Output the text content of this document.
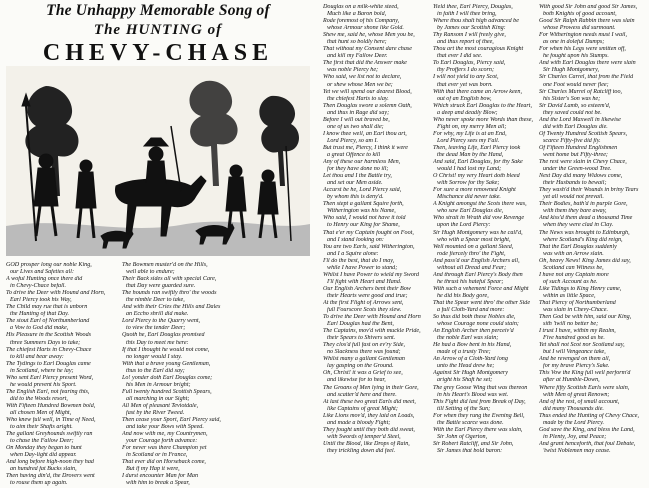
The Unhappy Memorable Song of
The HUNTING of
CHEVY-CHASE
GOD prosper long our noble King,
our Lives and Safeties all:
A woful Hunting once there did
in Chevy-Chace befall.
To drive the Deer with Hound and Horn,
Earl Piercy took his Way,
The Child may rue that is unborn
the Hunting of that Day.
The stout Earl of Northumberland
a Vow to God did make,
His Pleasure in the Scottish Woods
three Summers Days to take;
The chiefest Harts in Chevy-Chace
to kill and bear away:
The Tydings to Earl Douglas came
in Scotland, where he lay;
Who sent Earl Piercy present Word,
he would prevent his Sport.
The English Earl, not fearing this,
did to the Woods resort,
With Fifteen Hundred Bowmen bold,
all chosen Men of Might,
Who knew full well, in Time of Need,
to aim their Shafts aright.
The gallant Greyhounds swiftly ran
to chase the Fallow Deer;
On Monday they began to hunt
when Day-light did appear.
And long before high-noon they had
an hundred fat Bucks slain,
Then having din'd, the Drovers went
to rouse them up again.
The Bowmen muster'd on the Hills,
well able to endure;
Their Back sides all with special Care,
that Day were guarded sure.
The hounds ran swiftly thro' the woods
the nimble Deer to take,
And with their Cries the Hills and Dales
an Eccho shrill did make.
Lord Piercy to the Quarry went,
to view the tender Deer;
Quoth he, Earl Douglas promised
this Day to meet me here:
If that I thought he would not come,
no longer would I stay.
With that a brave young Gentleman,
thus to the Earl did say;
Lo! yonder doth Earl Douglas come;
his Men in Armour bright;
Full twenty hundred Scottish Spears,
all marching in our Sight;
All Men of pleasant Teviotdale,
fast by the River Tweed.
Then cease your Sport, Earl Piercy said,
and take your Bows with Speed.
And now with me, my Countrymen,
your Courage forth advance:
For never was there Champion yet
in Scotland or in France,
That ever did on Horseback come,
But if my Hap it were,
I durst encounter Man for Man
with him to break a Spear,
Douglas on a milk-white steed,
Much like a Baron bold,
Rode foremost of his Company,
whose Armour shone like Gold.
Shew me, said he, whose Men you be,
that hunt so boldly here;
That without my Consent dare chase
and kill my Fallow Deer.
The first that did the Answer make
was noble Piercy he;
Who said, we list not to declare,
or shew whose Men we be;
Yet we will spend our dearest Blood,
the chiefest Harts to slay.
Then Douglas swore a solemn Oath,
and thus in Rage did say;
Before I will out braved be,
one of us two shall die;
I know thee well, an Earl thou art,
Lord Piercy, so am I.
But trust me, Piercy, I think it were
a great Offence to kill
Any of these our harmless Men,
for they have done no ill;
Let thou and I the Battle try,
and set our Men aside.
Accurst be he, Lord Piercy said,
by whom this is deny'd.
Then stept a gallant Squire forth,
Witherington was his Name,
Who said, I would not have it told
to Henry our King for Shame,
That e'er my Captain fought on Foot,
and I stand looking on:
You are two Earls, said Witherington,
and I a Squire alone:
I'll do the best, that do I may,
while I have Power to stand;
Whilst I have Power to wield my Sword
I'll fight with Heart and Hand.
Our English Archers bent their Bow
their Hearts were good and true;
At the first Flight of Arrows sent,
full Fourscore Scots they slew.
To drive the Deer with Hound and Horn
Earl Douglas had the Bent,
The Captains, mov'd with muckle Pride,
their Spears to Shivers sent.
They clos'd full fast on ev'ry Side,
no Slackness there was found;
Whilst many a gallant Gentleman
lay gasping on the Ground.
Oh, Christ! it was a Grief to see,
and likewise for to hear,
The Groans of Men lying in their Gore,
and scatter'd here and there.
At last these two great Earls did meet,
like Captains of great Might;
Like Lions mov'd, they laid on Loads,
and made a bloody Fight;
They fought until they both did sweat,
with Swords of temper'd Steel,
Until the Blood, like Drops of Rain,
they trickling down did feel.
Yield thee, Earl Piercy, Douglas,
in faith I will thee bring,
Where thou shalt high advanced be
by James our Scottish King:
Thy Ransom I will freely give,
and thus report of thee,
Thou art the most couragious Knight
that ever I did see.
To Earl Douglas, Piercy said,
thy Proffers I do scorn;
I will not yield to any Scot,
that ever yet was born.
With that there came an Arrow keen,
out of an English bow,
Which struck Earl Douglas to the Heart,
a deep and deadly Blow;
Who never spoke more Words than these,
Fight on, my merry Men all;
For why, my Life is at an End,
Lord Piercy sees my Fall.
Then, leaving Life, Earl Piercy took
the dead Man by the Hand,
And said, Earl Douglas, for thy Sake
would I had lost my Land;
O Christ! my very Heart doth bleed
with Sorrow for thy Sake;
For sure a more renowned Knight
Mischance did never take.
A Knight amongst the Scots there was,
who saw Earl Douglas die,
Who strait in Wrath did vow Revenge
upon the Lord Piercy:
Sir Hugh Montgomery was he call'd,
who with a Spear most bright,
Well mounted on a gallant Steed,
rode fiercely thro' the Fight,
And pass'd our English Archers all,
without all Dread and Fear;
And through Earl Piercy's Body then
he thrust his hateful Spear;
With such a vehement Force and Might
he did his Body gore,
That the Spear went thro' the other Side
a full Cloth-Yard and more:
So thus did both these Nobles die,
whose Courage none could stain;
An English Archer then perceiv'd
the noble Earl was slain;
He had a Bow bent in his Hand,
made of a trusty Tree;
An Arrow of a Cloth-Yard long
unto the Head drew he;
Against Sir Hugh Montgomery
aright his Shaft he set;
The grey Goose Wing that was thereon
in his Heart's Blood was wet.
This Fight did last from Break of Day,
till Setting of the Sun;
For when they rung the Evening Bell,
the Battle scarce was done.
With the Earl Piercy there was slain,
Sir John of Ogerton,
Sir Robert Ratcliff, and Sir John,
Sir James that bold baron:
With good Sir John and good Sir James,
both Knights of good account,
Good Sir Ralph Rabbin there was slain
whose Prowess did surmount.
For Witherington needs must I wail,
as one in doleful Dumps;
For when his Legs were smitten off,
he fought upon his Stumps.
And with Earl Douglas there were slain
Sir Hugh Montgomery,
Sir Charles Carrel, that from the Field
one Foot would never flee;
Sir Charles Murrel of Ratcliff too,
his Sister's Son was he;
Sir David Lamb, so esteem'd,
they saved could not be.
And the Lord Maxwell in likewise
did with Earl Douglas die.
Of Twenty Hundred Scottish Spears,
scarce Fifty-five did fly.
Of Fifteen Hundred Englishmen
went home but Fifty-three;
The rest were slain in Chevy Chace,
under the Green-wood Tree.
Next Day did many Widows come,
their Husbands to bewail;
They wash'd their Wounds in briny Tears
yet all would not prevail.
Their Bodies, bath'd in purple Gore,
with them they bare away,
And kiss'd them dead a thousand Time
when they were clad in Clay.
The News was brought to Edinburgh,
where Scotland's King did reign,
That the Earl Douglas suddenly
was with an Arrow slain.
Oh, heavy News! King James did say,
Scotland can Witness be,
I have not any Captain more
of such Account as he.
Like Tidings to King Henry came,
within as little Space,
That Piercy of Northumberland
was slain in Chevy-Chace.
Then God be with him, said our King,
sith 'twill no better be;
I trust I have, within my Realm,
Five hundred good as he.
Yet shall not Scot nor Scotland say,
but I will Vengeance take,
And be revenged on them all,
for my brave Piercy's Sake.
This Vow the King full well perform'd
after at Humble-Down,
Where fifty Scottish Earls were slain,
with Men of great Renown;
And of the rest, of small account,
did many Thousands die.
Thus ended the Hunting of Chevy Chace,
made by the Lord Piercy.
God save the King, and bless the Land,
in Plenty, Joy, and Peace;
And grant henceforth, that foul Debate,
'twixt Noblemen may cease.
